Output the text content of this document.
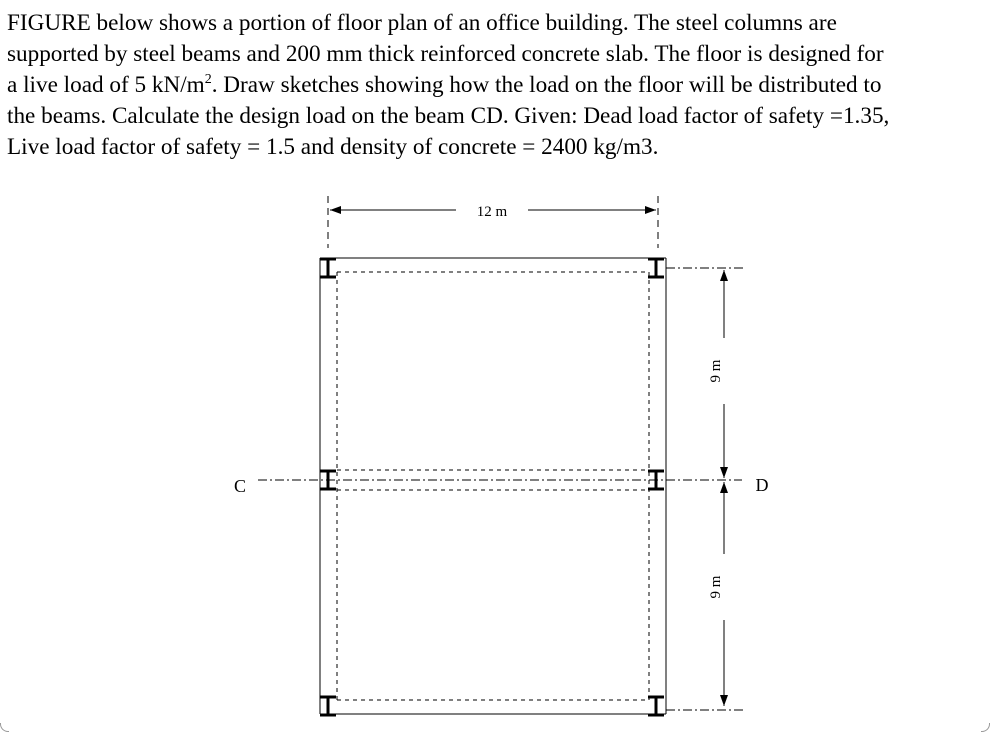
FIGURE below shows a portion of floor plan of an office building. The steel columns are
supported by steel beams and 200 mm thick reinforced concrete slab. The floor is designed for
a live load of 5 $kN/m^2$. Draw sketches showing how the load on the floor will be distributed to
the beams. Calculate the design load on the beam CD. Given: Dead load factor of safety =1.35,
Live load factor of safety = 1.5 and density of concrete = 2400 kg/m3.
12 m
9 m
9 m
C	D
